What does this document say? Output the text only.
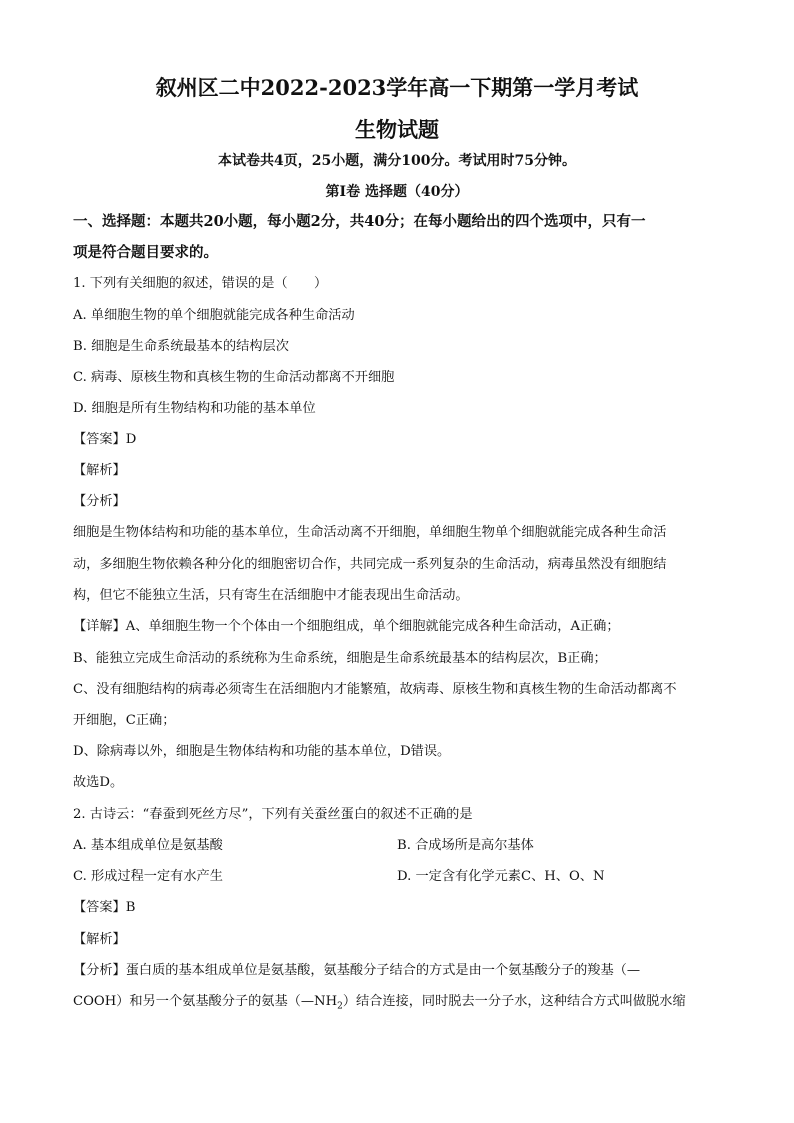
叙州区二中2022-2023学年高一下期第一学月考试
生物试题
本试卷共4页，25小题，满分100分。考试用时75分钟。
第Ⅰ卷 选择题（40分）
一、选择题：本题共20小题，每小题2分，共40分；在每小题给出的四个选项中，只有一
项是符合题目要求的。
1. 下列有关细胞的叙述，错误的是（　　）
A. 单细胞生物的单个细胞就能完成各种生命活动
B. 细胞是生命系统最基本的结构层次
C. 病毒、原核生物和真核生物的生命活动都离不开细胞
D. 细胞是所有生物结构和功能的基本单位
【答案】D
【解析】
【分析】
细胞是生物体结构和功能的基本单位，生命活动离不开细胞，单细胞生物单个细胞就能完成各种生命活
动，多细胞生物依赖各种分化的细胞密切合作，共同完成一系列复杂的生命活动，病毒虽然没有细胞结
构，但它不能独立生活，只有寄生在活细胞中才能表现出生命活动。
【详解】A、单细胞生物一个个体由一个细胞组成，单个细胞就能完成各种生命活动，A正确；
B、能独立完成生命活动的系统称为生命系统，细胞是生命系统最基本的结构层次，B正确；
C、没有细胞结构的病毒必须寄生在活细胞内才能繁殖，故病毒、原核生物和真核生物的生命活动都离不
开细胞，C正确；
D、除病毒以外，细胞是生物体结构和功能的基本单位，D错误。
故选D。
2. 古诗云：“春蚕到死丝方尽”，下列有关蚕丝蛋白的叙述不正确的是
A. 基本组成单位是氨基酸	B. 合成场所是高尔基体
C. 形成过程一定有水产生	D. 一定含有化学元素C、H、O、N
【答案】B
【解析】
【分析】蛋白质的基本组成单位是氨基酸，氨基酸分子结合的方式是由一个氨基酸分子的羧基（—
COOH）和另一个氨基酸分子的氨基$(—NH_2)$结合连接，同时脱去一分子水，这种结合方式叫做脱水缩
